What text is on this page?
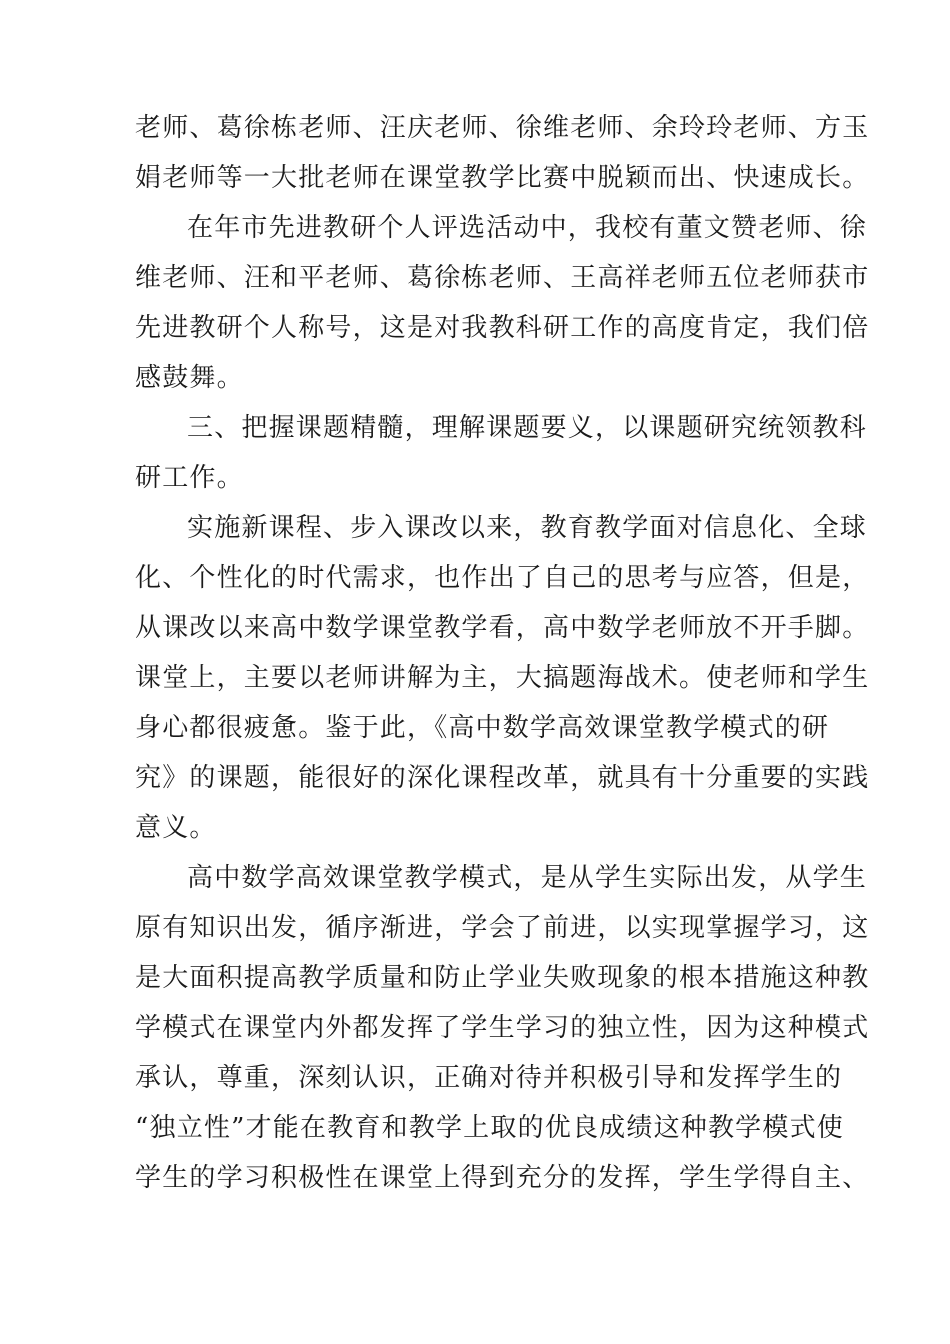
老师、葛徐栋老师、汪庆老师、徐维老师、余玲玲老师、方玉
娟老师等一大批老师在课堂教学比赛中脱颖而出、快速成长。
在年市先进教研个人评选活动中，我校有董文赞老师、徐
维老师、汪和平老师、葛徐栋老师、王高祥老师五位老师获市
先进教研个人称号，这是对我教科研工作的高度肯定，我们倍
感鼓舞。
三、把握课题精髓，理解课题要义，以课题研究统领教科
研工作。
实施新课程、步入课改以来，教育教学面对信息化、全球
化、个性化的时代需求，也作出了自己的思考与应答，但是，
从课改以来高中数学课堂教学看，高中数学老师放不开手脚。
课堂上，主要以老师讲解为主，大搞题海战术。使老师和学生
身心都很疲惫。鉴于此，《高中数学高效课堂教学模式的研
究》的课题，能很好的深化课程改革，就具有十分重要的实践
意义。
高中数学高效课堂教学模式，是从学生实际出发，从学生
原有知识出发，循序渐进，学会了前进，以实现掌握学习，这
是大面积提高教学质量和防止学业失败现象的根本措施这种教
学模式在课堂内外都发挥了学生学习的独立性，因为这种模式
承认，尊重，深刻认识，正确对待并积极引导和发挥学生的
“独立性”才能在教育和教学上取的优良成绩这种教学模式使
学生的学习积极性在课堂上得到充分的发挥，学生学得自主、
